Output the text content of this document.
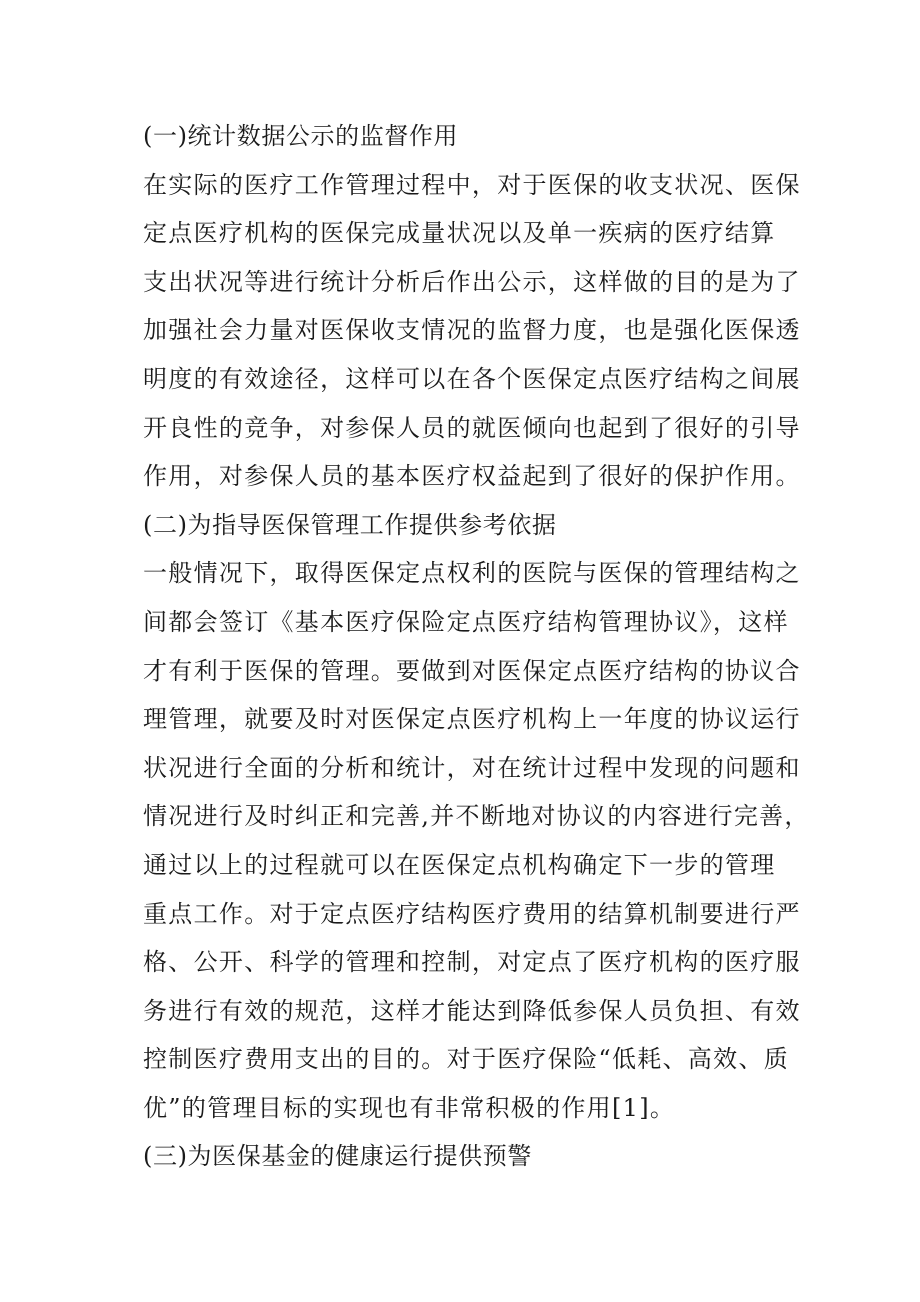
(一)统计数据公示的监督作用
在实际的医疗工作管理过程中，对于医保的收支状况、医保
定点医疗机构的医保完成量状况以及单一疾病的医疗结算
支出状况等进行统计分析后作出公示，这样做的目的是为了
加强社会力量对医保收支情况的监督力度，也是强化医保透
明度的有效途径，这样可以在各个医保定点医疗结构之间展
开良性的竞争，对参保人员的就医倾向也起到了很好的引导
作用，对参保人员的基本医疗权益起到了很好的保护作用。
(二)为指导医保管理工作提供参考依据
一般情况下，取得医保定点权利的医院与医保的管理结构之
间都会签订《基本医疗保险定点医疗结构管理协议》，这样
才有利于医保的管理。要做到对医保定点医疗结构的协议合
理管理，就要及时对医保定点医疗机构上一年度的协议运行
状况进行全面的分析和统计，对在统计过程中发现的问题和
情况进行及时纠正和完善,并不断地对协议的内容进行完善，
通过以上的过程就可以在医保定点机构确定下一步的管理
重点工作。对于定点医疗结构医疗费用的结算机制要进行严
格、公开、科学的管理和控制，对定点了医疗机构的医疗服
务进行有效的规范，这样才能达到降低参保人员负担、有效
控制医疗费用支出的目的。对于医疗保险“低耗、高效、质
优”的管理目标的实现也有非常积极的作用[1]。
(三)为医保基金的健康运行提供预警
